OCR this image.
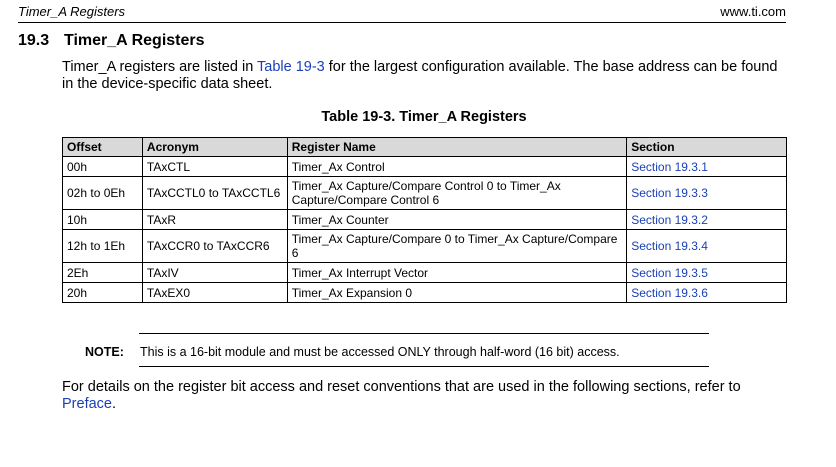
Timer_A Registers	www.ti.com
19.3 Timer_A Registers
Timer_A registers are listed in Table 19-3 for the largest configuration available. The base address can be found in the device-specific data sheet.
Table 19-3. Timer_A Registers
Offset	Acronym	Register Name	Section
00h	TAxCTL	Timer_Ax Control	Section 19.3.1
02h to 0Eh	TAxCCTL0 to TAxCCTL6	Timer_Ax Capture/Compare Control 0 to Timer_Ax Capture/Compare Control 6	Section 19.3.3
10h	TAxR	Timer_Ax Counter	Section 19.3.2
12h to 1Eh	TAxCCR0 to TAxCCR6	Timer_Ax Capture/Compare 0 to Timer_Ax Capture/Compare 6	Section 19.3.4
2Eh	TAxIV	Timer_Ax Interrupt Vector	Section 19.3.5
20h	TAxEX0	Timer_Ax Expansion 0	Section 19.3.6
NOTE: This is a 16-bit module and must be accessed ONLY through half-word (16 bit) access.
For details on the register bit access and reset conventions that are used in the following sections, refer to Preface.
